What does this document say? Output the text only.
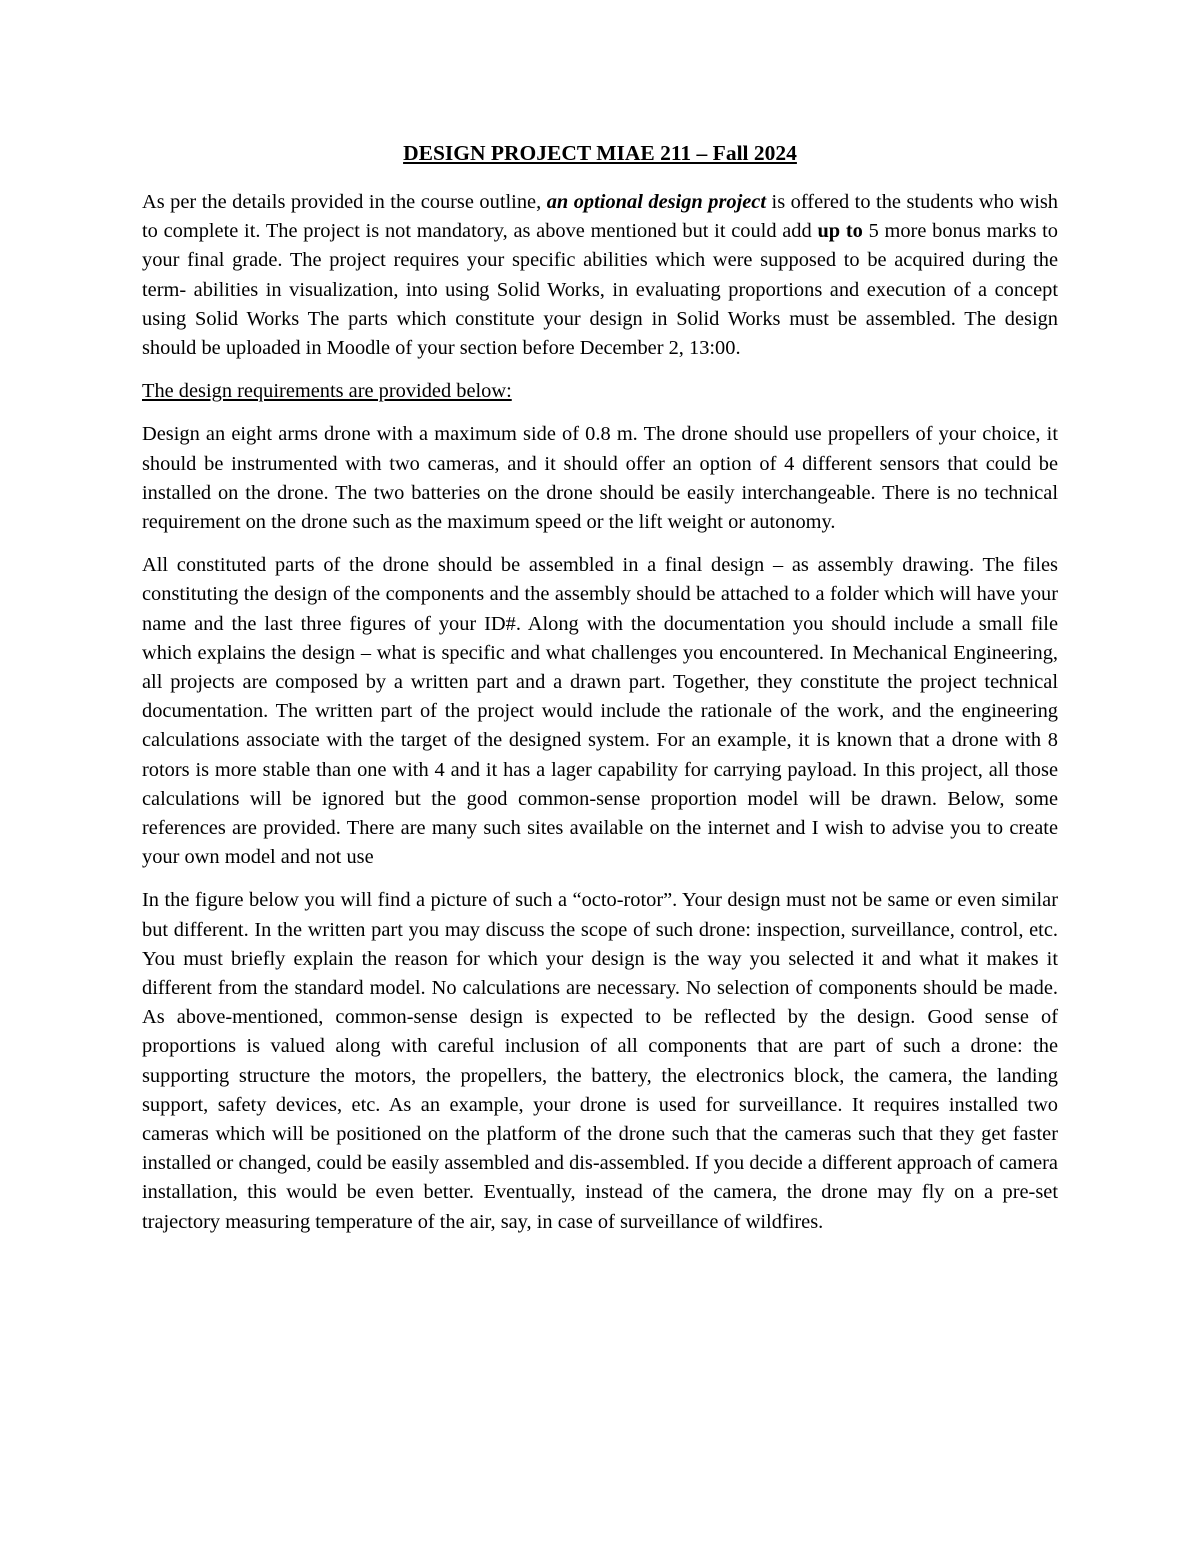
DESIGN PROJECT MIAE 211 – Fall 2024

As per the details provided in the course outline, an optional design project is offered to the students who wish to complete it. The project is not mandatory, as above mentioned but it could add up to 5 more bonus marks to your final grade. The project requires your specific abilities which were supposed to be acquired during the term- abilities in visualization, into using Solid Works, in evaluating proportions and execution of a concept using Solid Works The parts which constitute your design in Solid Works must be assembled. The design should be uploaded in Moodle of your section before December 2, 13:00.

The design requirements are provided below:

Design an eight arms drone with a maximum side of 0.8 m. The drone should use propellers of your choice, it should be instrumented with two cameras, and it should offer an option of 4 different sensors that could be installed on the drone. The two batteries on the drone should be easily interchangeable. There is no technical requirement on the drone such as the maximum speed or the lift weight or autonomy.

All constituted parts of the drone should be assembled in a final design – as assembly drawing. The files constituting the design of the components and the assembly should be attached to a folder which will have your name and the last three figures of your ID#. Along with the documentation you should include a small file which explains the design – what is specific and what challenges you encountered. In Mechanical Engineering, all projects are composed by a written part and a drawn part. Together, they constitute the project technical documentation. The written part of the project would include the rationale of the work, and the engineering calculations associate with the target of the designed system. For an example, it is known that a drone with 8 rotors is more stable than one with 4 and it has a lager capability for carrying payload. In this project, all those calculations will be ignored but the good common-sense proportion model will be drawn. Below, some references are provided. There are many such sites available on the internet and I wish to advise you to create your own model and not use

In the figure below you will find a picture of such a “octo-rotor”. Your design must not be same or even similar but different. In the written part you may discuss the scope of such drone: inspection, surveillance, control, etc. You must briefly explain the reason for which your design is the way you selected it and what it makes it different from the standard model. No calculations are necessary. No selection of components should be made. As above-mentioned, common-sense design is expected to be reflected by the design. Good sense of proportions is valued along with careful inclusion of all components that are part of such a drone: the supporting structure the motors, the propellers, the battery, the electronics block, the camera, the landing support, safety devices, etc. As an example, your drone is used for surveillance. It requires installed two cameras which will be positioned on the platform of the drone such that the cameras such that they get faster installed or changed, could be easily assembled and dis-assembled. If you decide a different approach of camera installation, this would be even better. Eventually, instead of the camera, the drone may fly on a pre-set trajectory measuring temperature of the air, say, in case of surveillance of wildfires.
